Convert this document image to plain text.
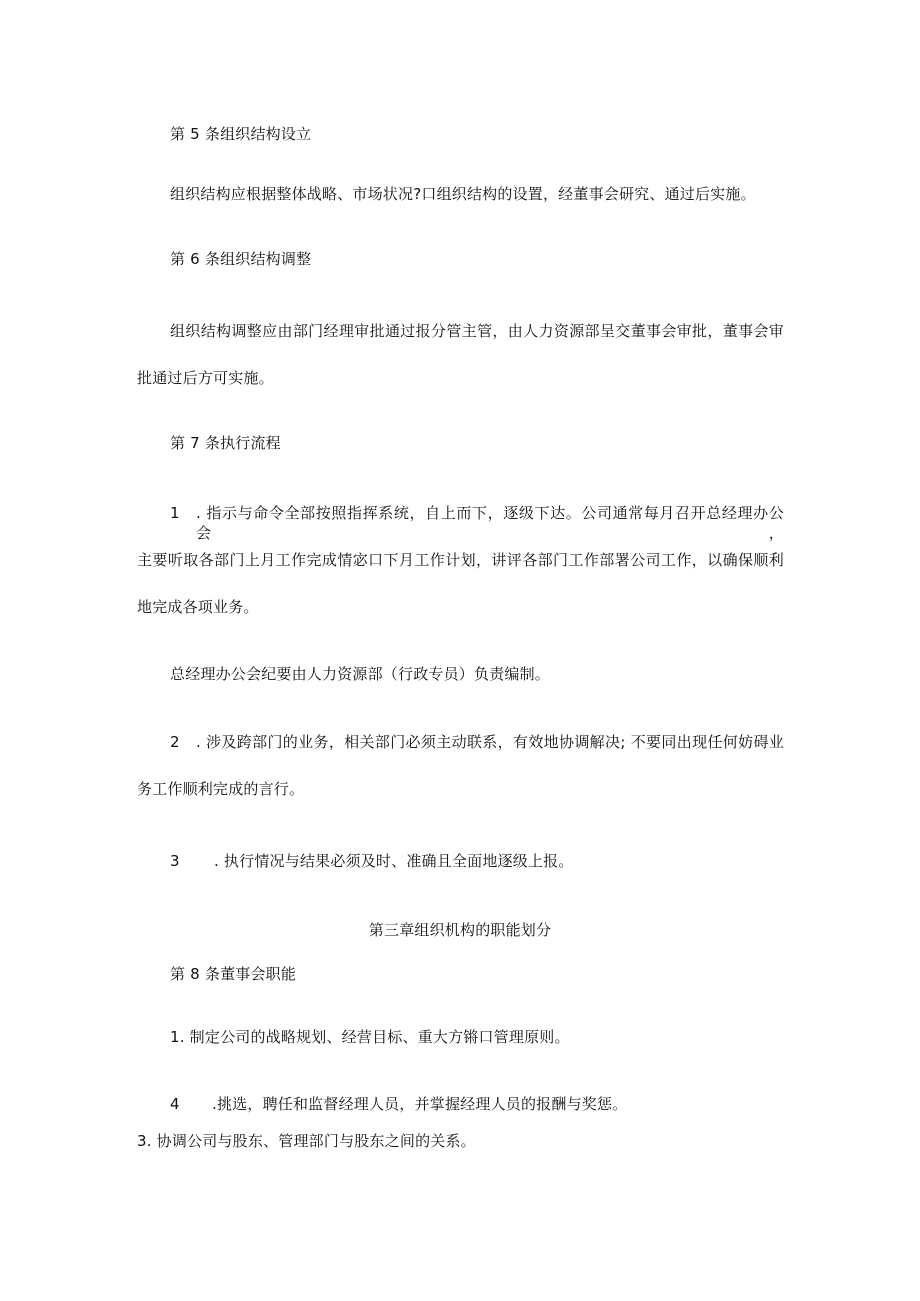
第 5 条组织结构设立
组织结构应根据整体战略、市场状况?口组织结构的设置，经董事会研究、通过后实施。
第 6 条组织结构调整
组织结构调整应由部门经理审批通过报分管主管，由人力资源部呈交董事会审批，董事会审
批通过后方可实施。
第 7 条执行流程
1 . 指示与命令全部按照指挥系统，自上而下，逐级下达。公司通常每月召开总经理办公会，
主要听取各部门上月工作完成情宓口下月工作计划，讲评各部门工作部署公司工作，以确保顺利
地完成各项业务。
总经理办公会纪要由人力资源部（行政专员）负责编制。
2 . 涉及跨部门的业务，相关部门必须主动联系，有效地协调解决; 不要同出现任何妨碍业
务工作顺利完成的言行。
3 . 执行情况与结果必须及时、准确且全面地逐级上报。
第三章组织机构的职能划分
第 8 条董事会职能
1. 制定公司的战略规划、经营目标、重大方锵口管理原则。
4 .挑选，聘任和监督经理人员，并掌握经理人员的报酬与奖惩。
3. 协调公司与股东、管理部门与股东之间的关系。
